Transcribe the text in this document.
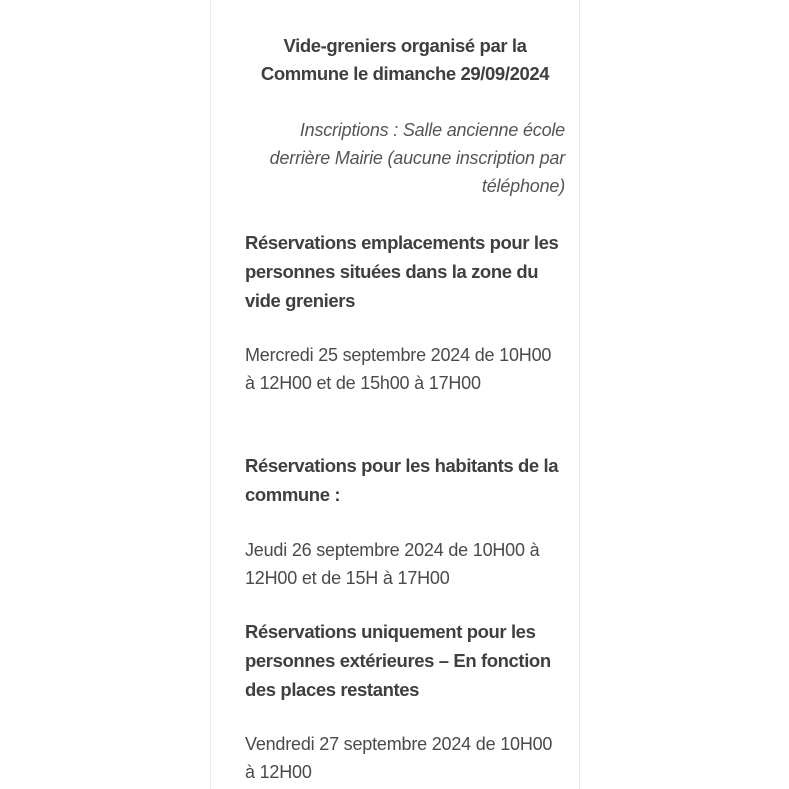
Vide-greniers organisé par la Commune le dimanche 29/09/2024
Inscriptions : Salle ancienne école derrière Mairie (aucune inscription par téléphone)
Réservations emplacements pour les personnes situées dans la zone du vide greniers
Mercredi 25 septembre 2024 de 10H00 à 12H00 et de 15h00 à 17H00
Réservations pour les habitants de la commune :
Jeudi 26 septembre 2024 de 10H00 à 12H00 et de 15H à 17H00
Réservations uniquement pour les personnes extérieures – En fonction des places restantes
Vendredi 27 septembre 2024 de 10H00 à 12H00
